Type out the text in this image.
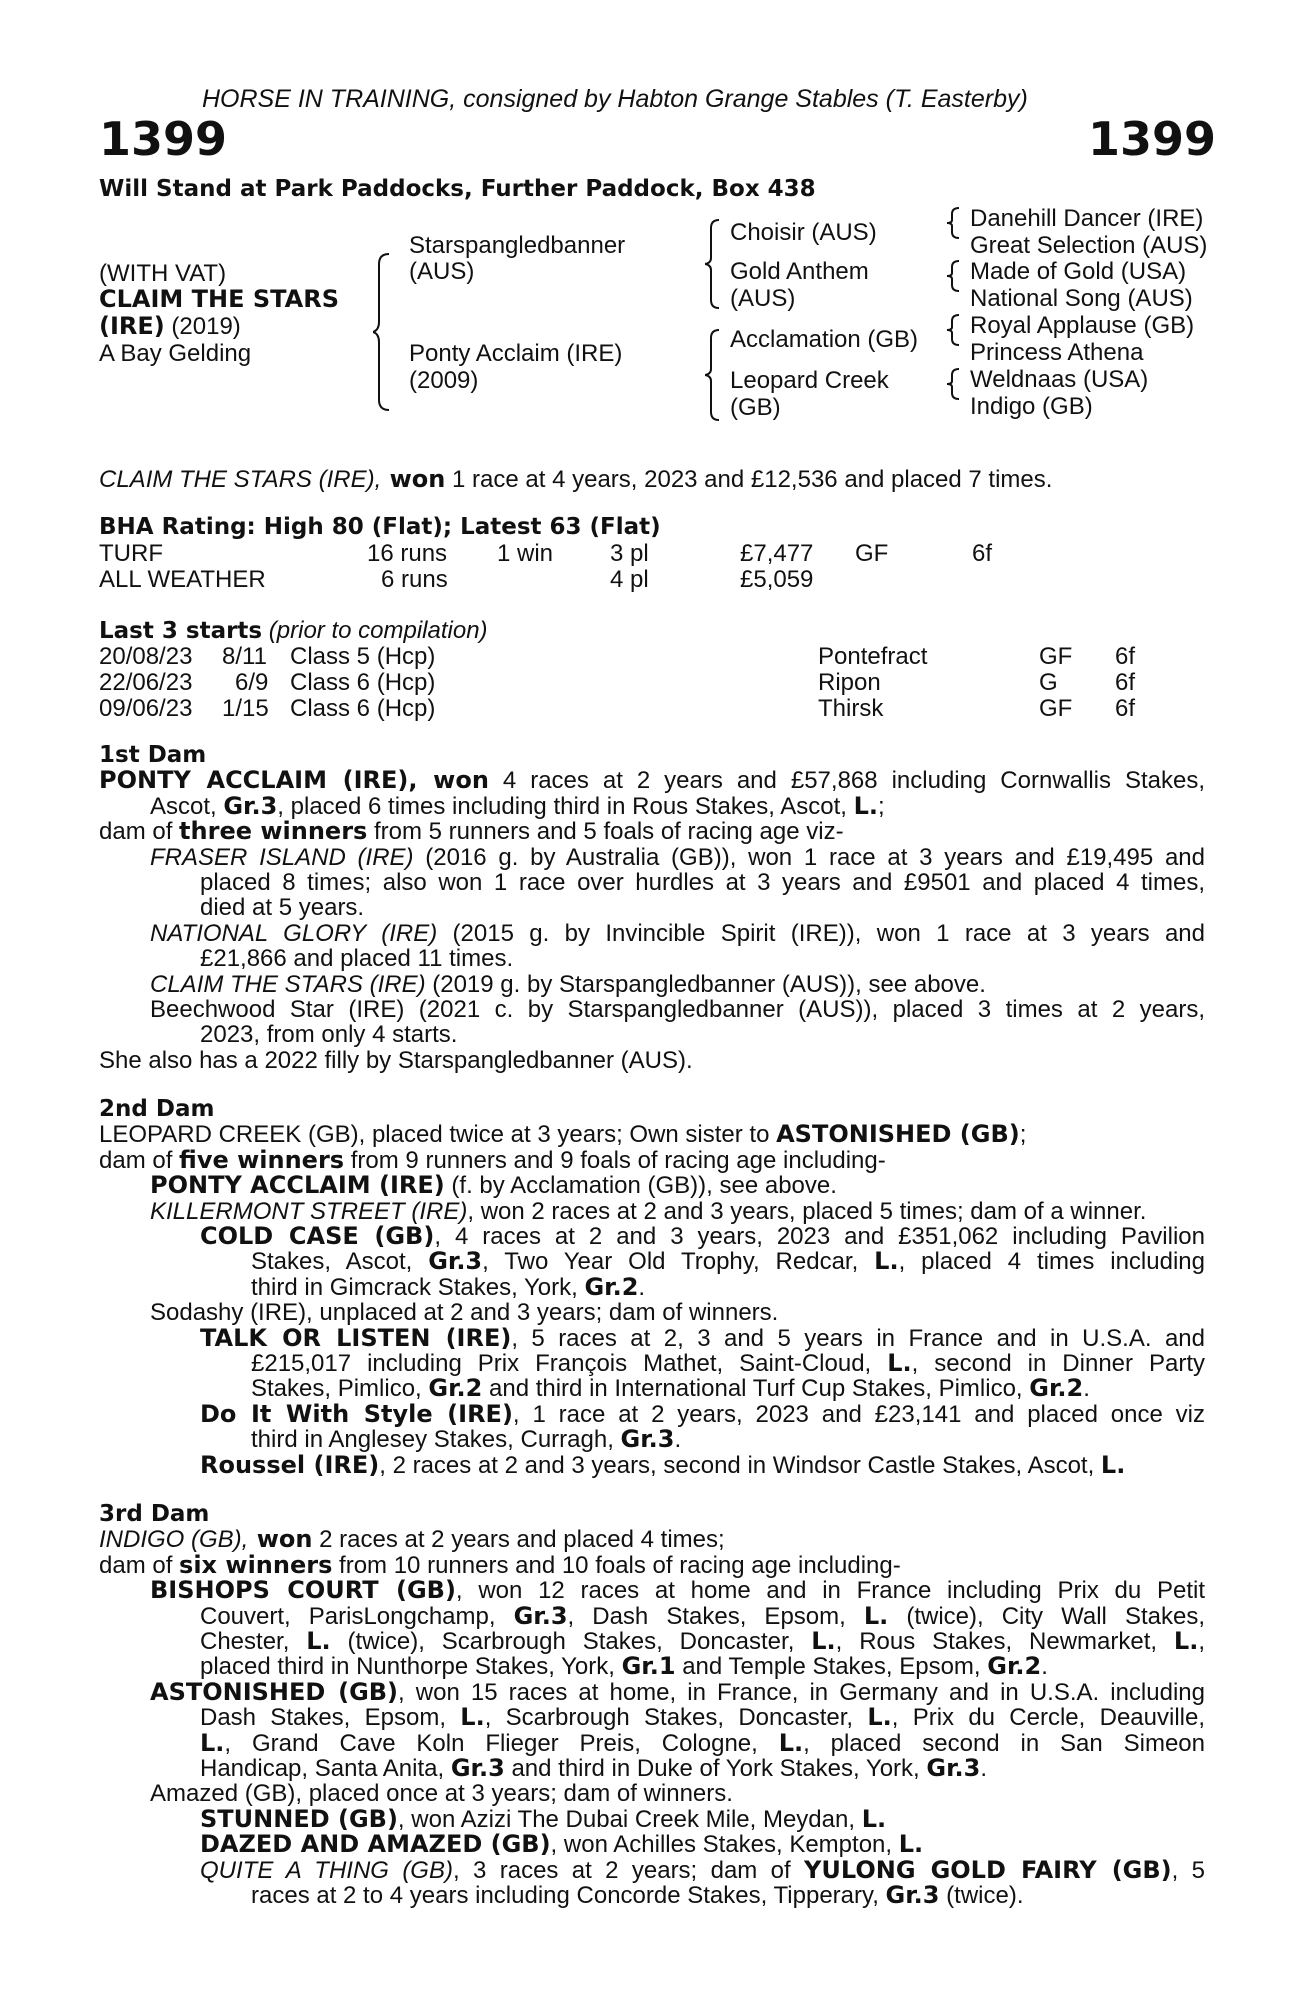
HORSE IN TRAINING, consigned by Habton Grange Stables (T. Easterby)
1399	1399
Will Stand at Park Paddocks, Further Paddock, Box 438
(WITH VAT)
CLAIM THE STARS
(IRE) (2019)
A Bay Gelding
Starspangledbanner
(AUS)
Ponty Acclaim (IRE)
(2009)
Choisir (AUS)
Gold Anthem
(AUS)
Acclamation (GB)
Leopard Creek
(GB)
Danehill Dancer (IRE)
Great Selection (AUS)
Made of Gold (USA)
National Song (AUS)
Royal Applause (GB)
Princess Athena
Weldnaas (USA)
Indigo (GB)
CLAIM THE STARS (IRE), won 1 race at 4 years, 2023 and £12,536 and placed 7 times.
BHA Rating: High 80 (Flat); Latest 63 (Flat)
TURF	16 runs 1 win 3 pl	£7,477 GF	6f
ALL WEATHER	6 runs	4 pl	£5,059
Last 3 starts (prior to compilation)
20/08/23 8/11 Class 5 (Hcp)	Pontefract	GF 6f
22/06/23 6/9 Class 6 (Hcp)	Ripon	G 6f
09/06/23 1/15 Class 6 (Hcp)	Thirsk	GF 6f
1st Dam
PONTY ACCLAIM (IRE), won 4 races at 2 years and £57,868 including Cornwallis Stakes,
Ascot, Gr.3, placed 6 times including third in Rous Stakes, Ascot, L.;
dam of three winners from 5 runners and 5 foals of racing age viz-
FRASER ISLAND (IRE) (2016 g. by Australia (GB)), won 1 race at 3 years and £19,495 and
placed 8 times; also won 1 race over hurdles at 3 years and £9501 and placed 4 times,
died at 5 years.
NATIONAL GLORY (IRE) (2015 g. by Invincible Spirit (IRE)), won 1 race at 3 years and
£21,866 and placed 11 times.
CLAIM THE STARS (IRE) (2019 g. by Starspangledbanner (AUS)), see above.
Beechwood Star (IRE) (2021 c. by Starspangledbanner (AUS)), placed 3 times at 2 years,
2023, from only 4 starts.
She also has a 2022 filly by Starspangledbanner (AUS).
2nd Dam
LEOPARD CREEK (GB), placed twice at 3 years; Own sister to ASTONISHED (GB);
dam of five winners from 9 runners and 9 foals of racing age including-
PONTY ACCLAIM (IRE) (f. by Acclamation (GB)), see above.
KILLERMONT STREET (IRE), won 2 races at 2 and 3 years, placed 5 times; dam of a winner.
COLD CASE (GB), 4 races at 2 and 3 years, 2023 and £351,062 including Pavilion
Stakes, Ascot, Gr.3, Two Year Old Trophy, Redcar, L., placed 4 times including
third in Gimcrack Stakes, York, Gr.2.
Sodashy (IRE), unplaced at 2 and 3 years; dam of winners.
TALK OR LISTEN (IRE), 5 races at 2, 3 and 5 years in France and in U.S.A. and
£215,017 including Prix François Mathet, Saint-Cloud, L., second in Dinner Party
Stakes, Pimlico, Gr.2 and third in International Turf Cup Stakes, Pimlico, Gr.2.
Do It With Style (IRE), 1 race at 2 years, 2023 and £23,141 and placed once viz
third in Anglesey Stakes, Curragh, Gr.3.
Roussel (IRE), 2 races at 2 and 3 years, second in Windsor Castle Stakes, Ascot, L.
3rd Dam
INDIGO (GB), won 2 races at 2 years and placed 4 times;
dam of six winners from 10 runners and 10 foals of racing age including-
BISHOPS COURT (GB), won 12 races at home and in France including Prix du Petit
Couvert, ParisLongchamp, Gr.3, Dash Stakes, Epsom, L. (twice), City Wall Stakes,
Chester, L. (twice), Scarbrough Stakes, Doncaster, L., Rous Stakes, Newmarket, L.,
placed third in Nunthorpe Stakes, York, Gr.1 and Temple Stakes, Epsom, Gr.2.
ASTONISHED (GB), won 15 races at home, in France, in Germany and in U.S.A. including
Dash Stakes, Epsom, L., Scarbrough Stakes, Doncaster, L., Prix du Cercle, Deauville,
L., Grand Cave Koln Flieger Preis, Cologne, L., placed second in San Simeon
Handicap, Santa Anita, Gr.3 and third in Duke of York Stakes, York, Gr.3.
Amazed (GB), placed once at 3 years; dam of winners.
STUNNED (GB), won Azizi The Dubai Creek Mile, Meydan, L.
DAZED AND AMAZED (GB), won Achilles Stakes, Kempton, L.
QUITE A THING (GB), 3 races at 2 years; dam of YULONG GOLD FAIRY (GB), 5
races at 2 to 4 years including Concorde Stakes, Tipperary, Gr.3 (twice).
